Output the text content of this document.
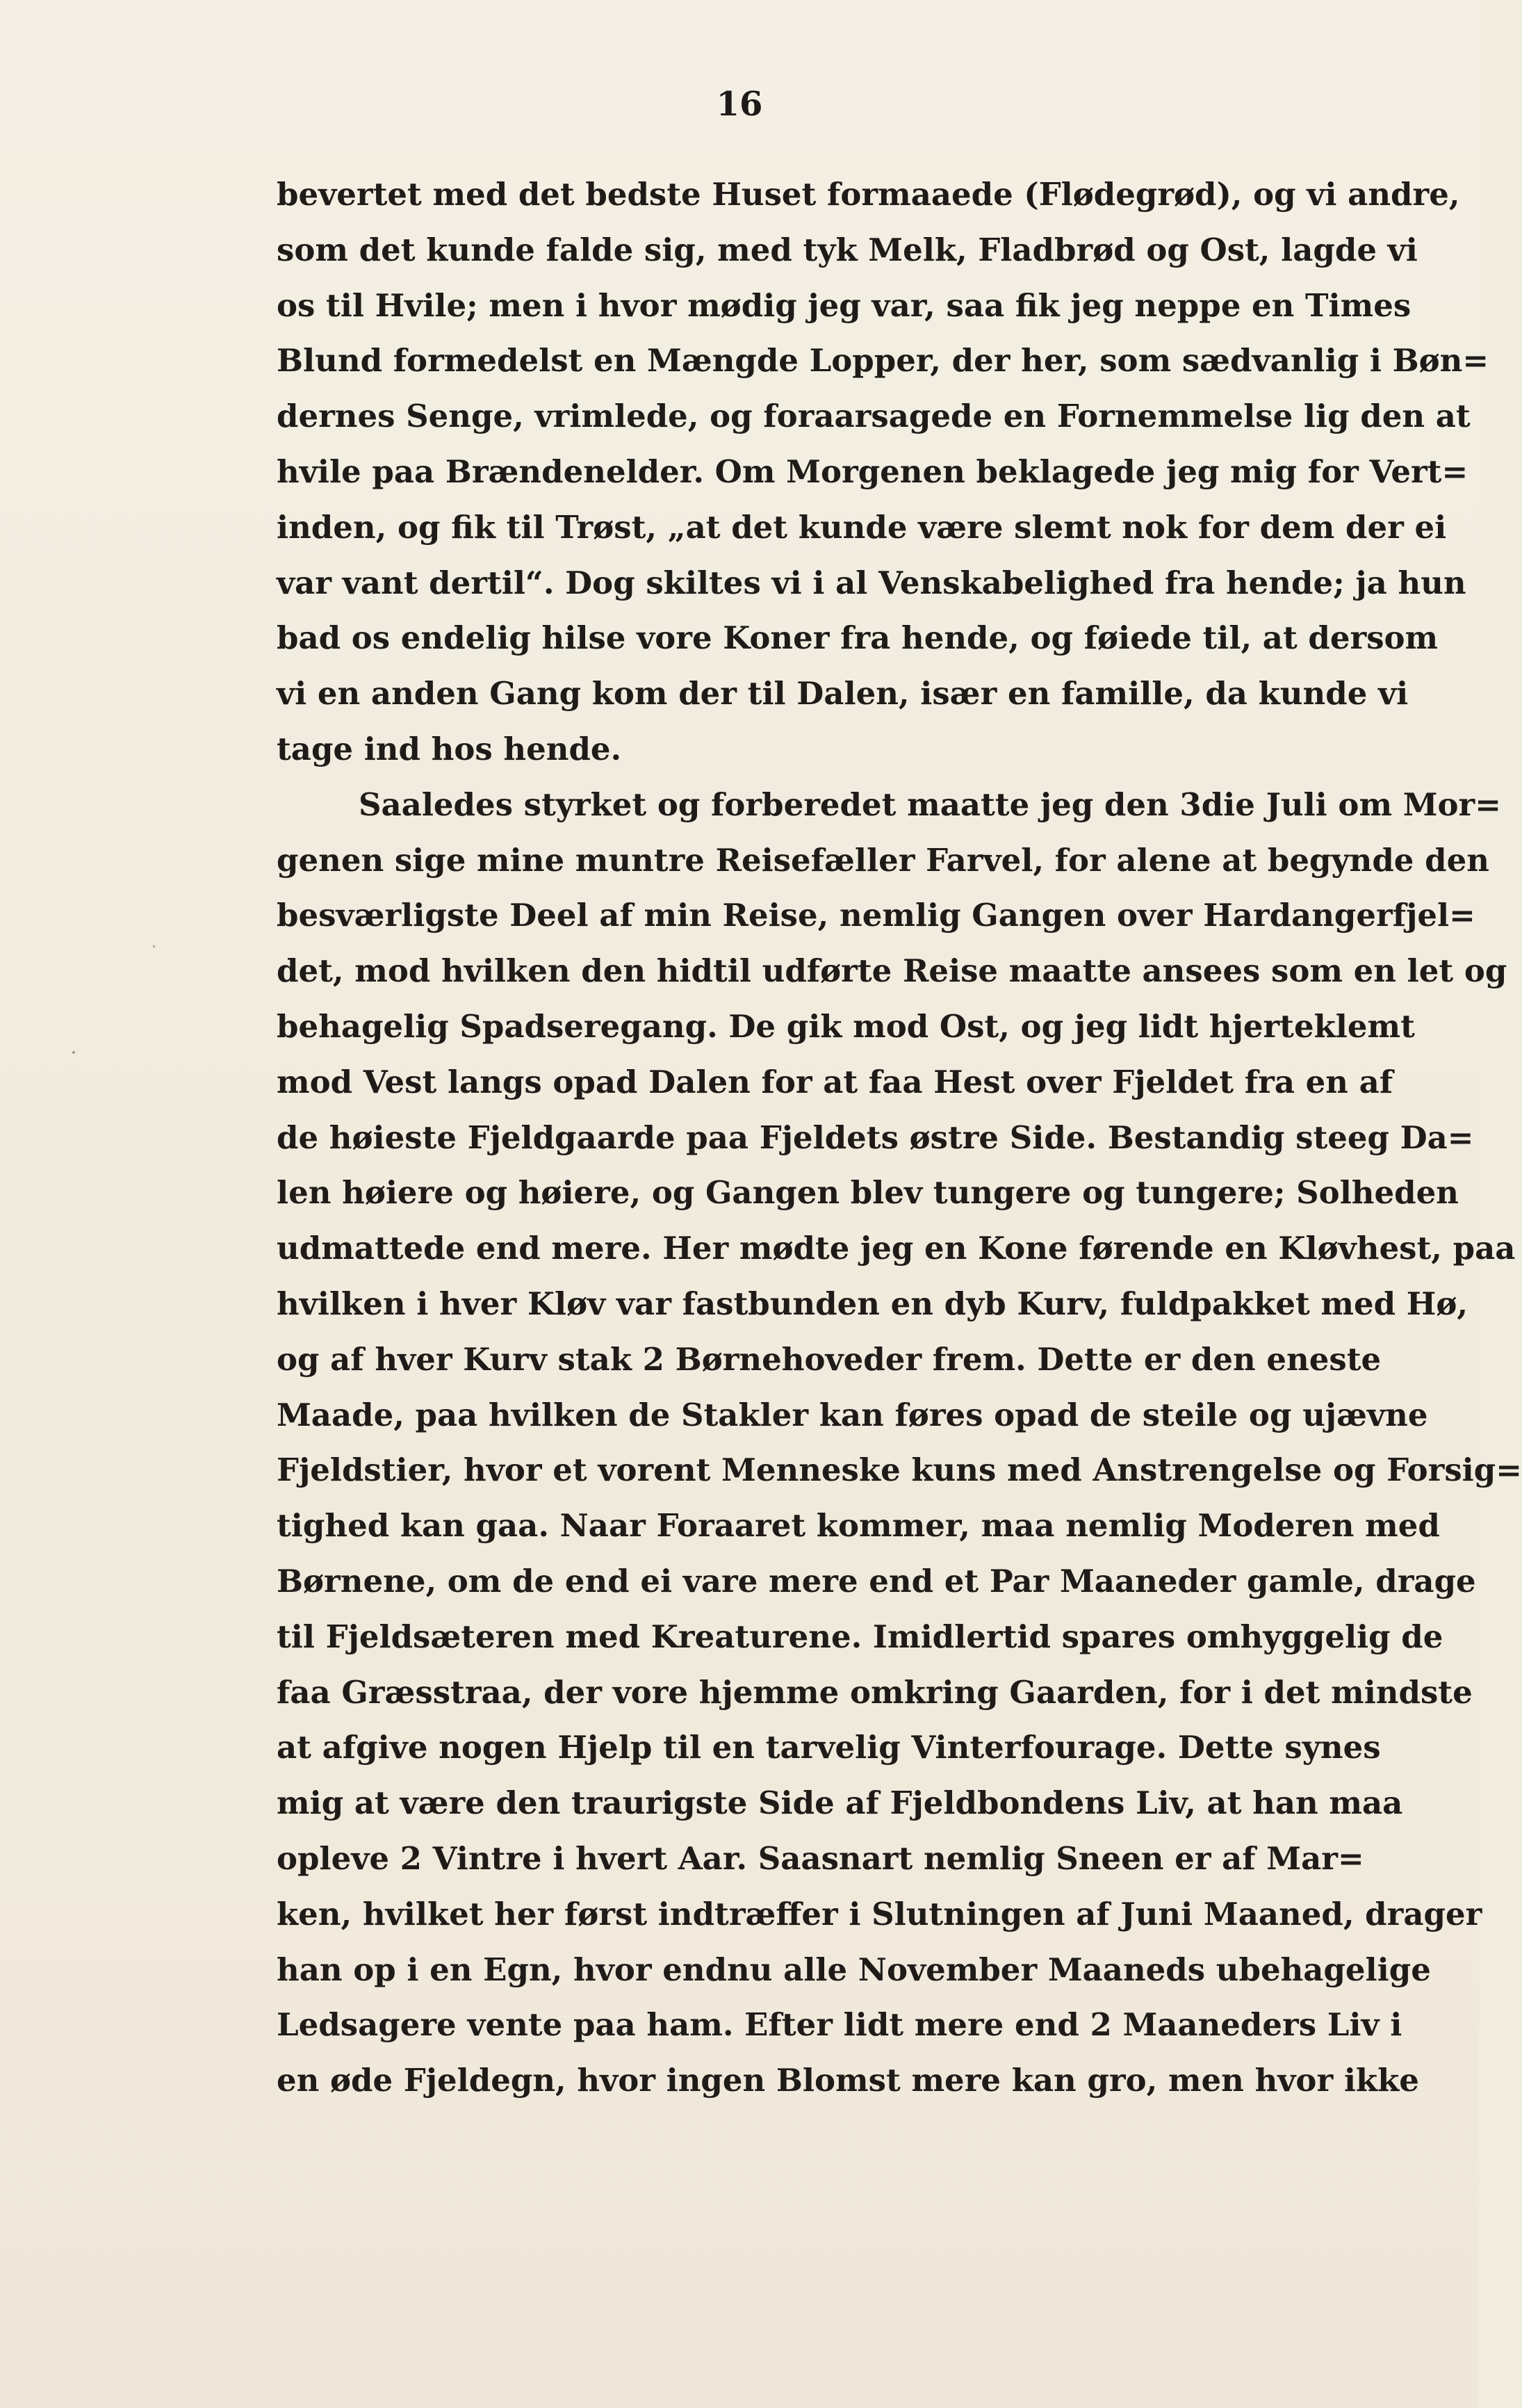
16
bevertet med det bedste Huset formaaede (Flødegrød), og vi andre,
som det kunde falde sig, med tyk Melk, Fladbrød og Ost, lagde vi
os til Hvile; men i hvor mødig jeg var, saa fik jeg neppe en Times
Blund formedelst en Mængde Lopper, der her, som sædvanlig i Bøn=
dernes Senge, vrimlede, og foraarsagede en Fornemmelse lig den at
hvile paa Brændenelder. Om Morgenen beklagede jeg mig for Vert=
inden, og fik til Trøst, „at det kunde være slemt nok for dem der ei
var vant dertil“. Dog skiltes vi i al Venskabelighed fra hende; ja hun
bad os endelig hilse vore Koner fra hende, og føiede til, at dersom
vi en anden Gang kom der til Dalen, især en famille, da kunde vi
tage ind hos hende.
Saaledes styrket og forberedet maatte jeg den 3die Juli om Mor=
genen sige mine muntre Reisefæller Farvel, for alene at begynde den
besværligste Deel af min Reise, nemlig Gangen over Hardangerfjel=
det, mod hvilken den hidtil udførte Reise maatte ansees som en let og
behagelig Spadseregang. De gik mod Ost, og jeg lidt hjerteklemt
mod Vest langs opad Dalen for at faa Hest over Fjeldet fra en af
de høieste Fjeldgaarde paa Fjeldets østre Side. Bestandig steeg Da=
len høiere og høiere, og Gangen blev tungere og tungere; Solheden
udmattede end mere. Her mødte jeg en Kone førende en Kløvhest, paa
hvilken i hver Kløv var fastbunden en dyb Kurv, fuldpakket med Hø,
og af hver Kurv stak 2 Børnehoveder frem. Dette er den eneste
Maade, paa hvilken de Stakler kan føres opad de steile og ujævne
Fjeldstier, hvor et vorent Menneske kuns med Anstrengelse og Forsig=
tighed kan gaa. Naar Foraaret kommer, maa nemlig Moderen med
Børnene, om de end ei vare mere end et Par Maaneder gamle, drage
til Fjeldsæteren med Kreaturene. Imidlertid spares omhyggelig de
faa Græsstraa, der vore hjemme omkring Gaarden, for i det mindste
at afgive nogen Hjelp til en tarvelig Vinterfourage. Dette synes
mig at være den traurigste Side af Fjeldbondens Liv, at han maa
opleve 2 Vintre i hvert Aar. Saasnart nemlig Sneen er af Mar=
ken, hvilket her først indtræffer i Slutningen af Juni Maaned, drager
han op i en Egn, hvor endnu alle November Maaneds ubehagelige
Ledsagere vente paa ham. Efter lidt mere end 2 Maaneders Liv i
en øde Fjeldegn, hvor ingen Blomst mere kan gro, men hvor ikke
